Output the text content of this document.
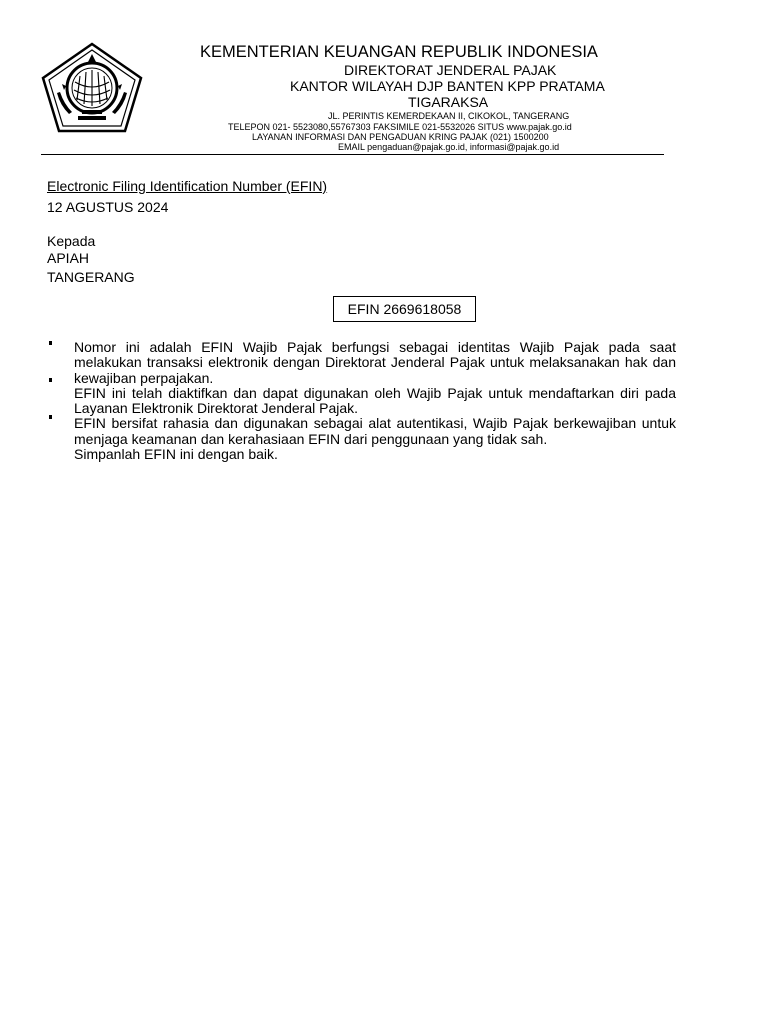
KEMENTERIAN KEUANGAN REPUBLIK INDONESIA
DIREKTORAT JENDERAL PAJAK
KANTOR WILAYAH DJP BANTEN KPP PRATAMA
TIGARAKSA
JL. PERINTIS KEMERDEKAAN II, CIKOKOL, TANGERANG
TELEPON 021- 5523080,55767303 FAKSIMILE 021-5532026 SITUS www.pajak.go.id
LAYANAN INFORMASI DAN PENGADUAN KRING PAJAK (021) 1500200
EMAIL pengaduan@pajak.go.id, informasi@pajak.go.id
Electronic Filing Identification Number (EFIN)
12 AGUSTUS 2024
Kepada
APIAH
TANGERANG
EFIN 2669618058

Nomor ini adalah EFIN Wajib Pajak berfungsi sebagai identitas Wajib Pajak pada saat melakukan transaksi elektronik dengan Direktorat Jenderal Pajak untuk melaksanakan hak dan kewajiban perpajakan.

EFIN ini telah diaktifkan dan dapat digunakan oleh Wajib Pajak untuk mendaftarkan diri pada Layanan Elektronik Direktorat Jenderal Pajak.

EFIN bersifat rahasia dan digunakan sebagai alat autentikasi, Wajib Pajak berkewajiban untuk menjaga keamanan dan kerahasiaan EFIN dari penggunaan yang tidak sah.

Simpanlah EFIN ini dengan baik.
